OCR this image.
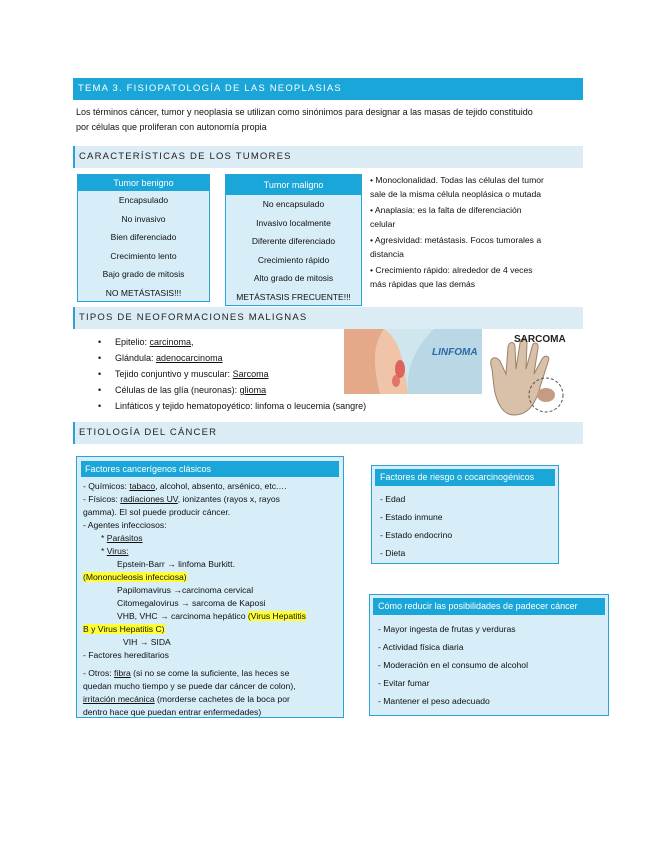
TEMA 3. FISIOPATOLOGÍA DE LAS NEOPLASIAS
Los términos cáncer, tumor y neoplasia se utilizan como sinónimos para designar a las masas de tejido constituido
por células que proliferan con autonomía propia
CARACTERÍSTICAS DE LOS TUMORES
Tumor benigno
Encapsulado
No invasivo
Bien diferenciado
Crecimiento lento
Bajo grado de mitosis
NO METÁSTASIS!!!
Tumor maligno
No encapsulado
Invasivo localmente
Diferente diferenciado
Crecimiento rápido
Alto grado de mitosis
METÁSTASIS FRECUENTE!!!
• Monoclonalidad. Todas las células del tumor
sale de la misma célula neoplásica o mutada
• Anaplasia: es la falta de diferenciación
celular
• Agresividad: metástasis. Focos tumorales a
distancia
• Crecimiento rápido: alrededor de 4 veces
más rápidas que las demás
TIPOS DE NEOFORMACIONES MALIGNAS
• Epitelio: carcinoma,
• Glándula: adenocarcinoma
• Tejido conjuntivo y muscular: Sarcoma
• Células de las glía (neuronas): glioma
• Linfáticos y tejido hematopoyético: linfoma o leucemia (sangre)
LINFOMA
SARCOMA
ETIOLOGÍA DEL CÁNCER
Factores cancerígenos clásicos
- Químicos: tabaco, alcohol, absento, arsénico, etc.…
- Físicos: radiaciones UV, ionizantes (rayos x, rayos
gamma). El sol puede producir cáncer.
- Agentes infecciosos:
* Parásitos
* Virus:
Epstein-Barr → linfoma Burkitt.
(Mononucleosis infecciosa)
Papilomavirus →carcinoma cervical
Citomegalovirus → sarcoma de Kaposi
VHB, VHC → carcinoma hepático (Virus Hepatitis
B y Virus Hepatitis C)
VIH → SIDA
- Factores hereditarios
- Otros: fibra (si no se come la suficiente, las heces se
quedan mucho tiempo y se puede dar cáncer de colon),
irritación mecánica (morderse cachetes de la boca por
dentro hace que puedan entrar enfermedades)
Factores de riesgo o cocarcinogénicos
- Edad
- Estado inmune
- Estado endocrino
- Dieta
Cómo reducir las posibilidades de padecer cáncer
- Mayor ingesta de frutas y verduras
- Actividad física diaria
- Moderación en el consumo de alcohol
- Evitar fumar
- Mantener el peso adecuado
